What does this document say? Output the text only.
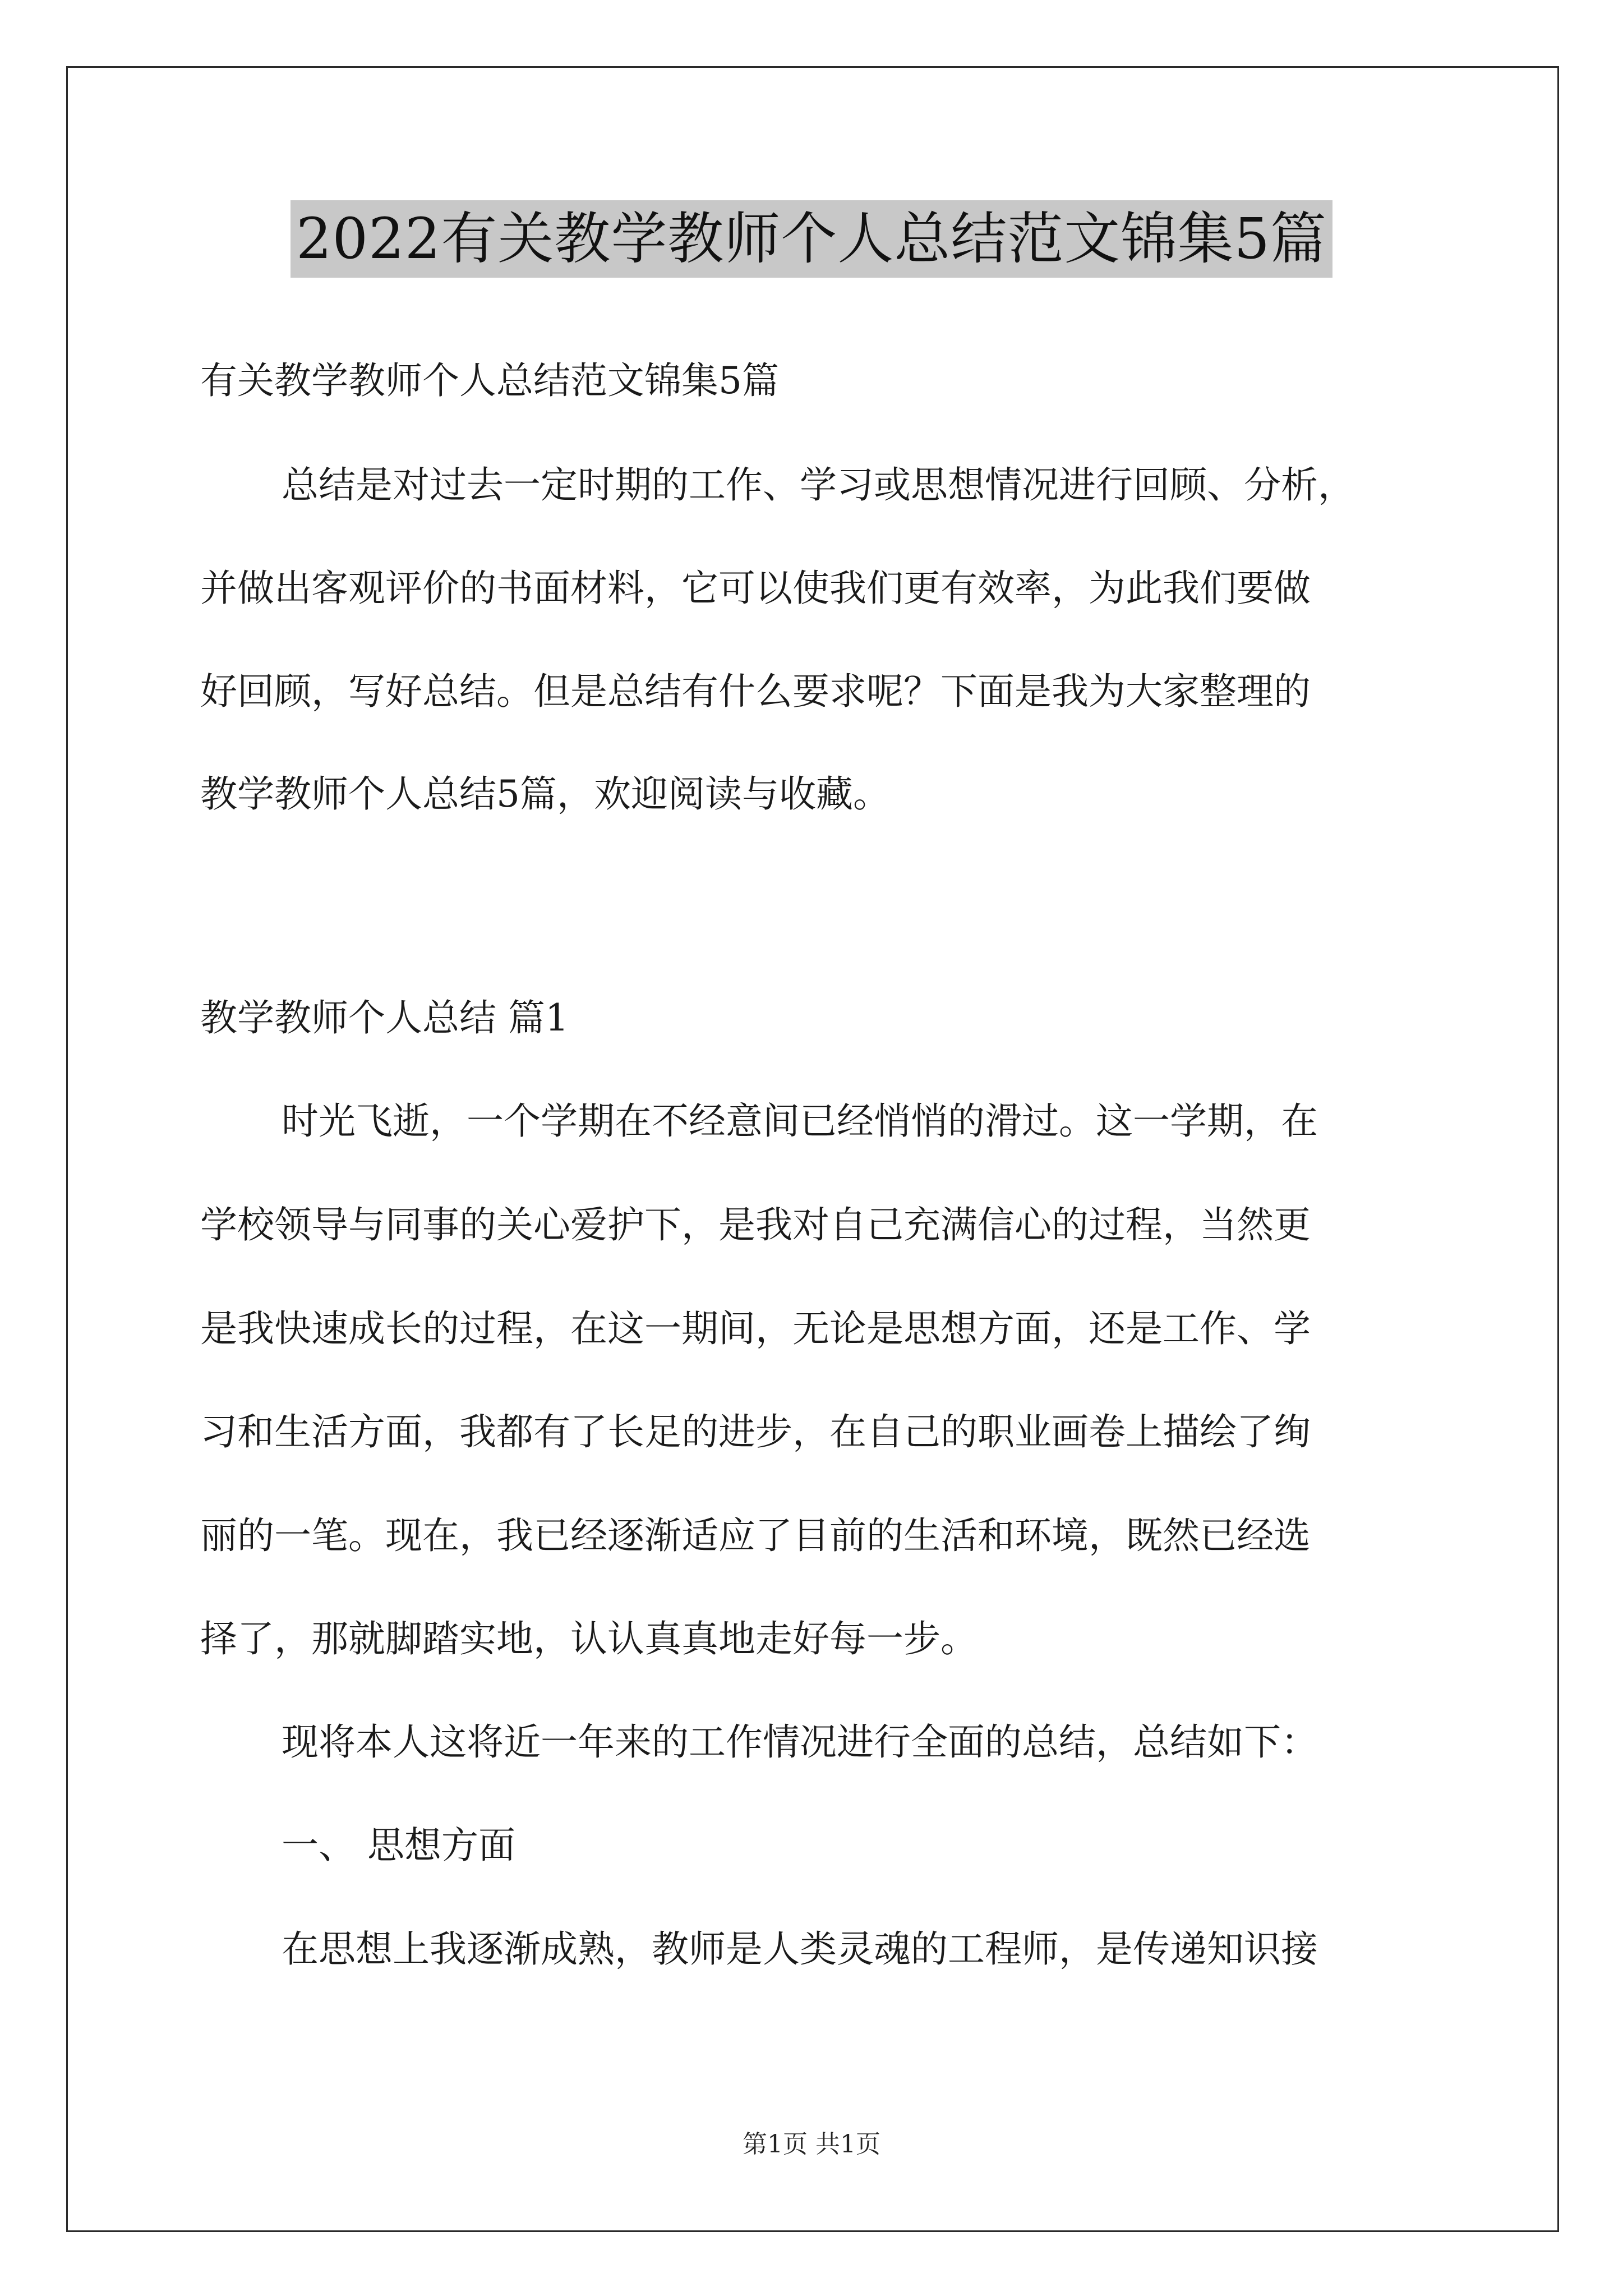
2022有关教学教师个人总结范文锦集5篇
有关教学教师个人总结范文锦集5篇
总结是对过去一定时期的工作、学习或思想情况进行回顾、分析，
并做出客观评价的书面材料，它可以使我们更有效率，为此我们要做
好回顾，写好总结。但是总结有什么要求呢？下面是我为大家整理的
教学教师个人总结5篇，欢迎阅读与收藏。
教学教师个人总结 篇1
时光飞逝，一个学期在不经意间已经悄悄的滑过。这一学期，在
学校领导与同事的关心爱护下，是我对自己充满信心的过程，当然更
是我快速成长的过程，在这一期间，无论是思想方面，还是工作、学
习和生活方面，我都有了长足的进步，在自己的职业画卷上描绘了绚
丽的一笔。现在，我已经逐渐适应了目前的生活和环境，既然已经选
择了，那就脚踏实地，认认真真地走好每一步。
现将本人这将近一年来的工作情况进行全面的总结，总结如下：
一、 思想方面
在思想上我逐渐成熟，教师是人类灵魂的工程师，是传递知识接
第1页 共1页
